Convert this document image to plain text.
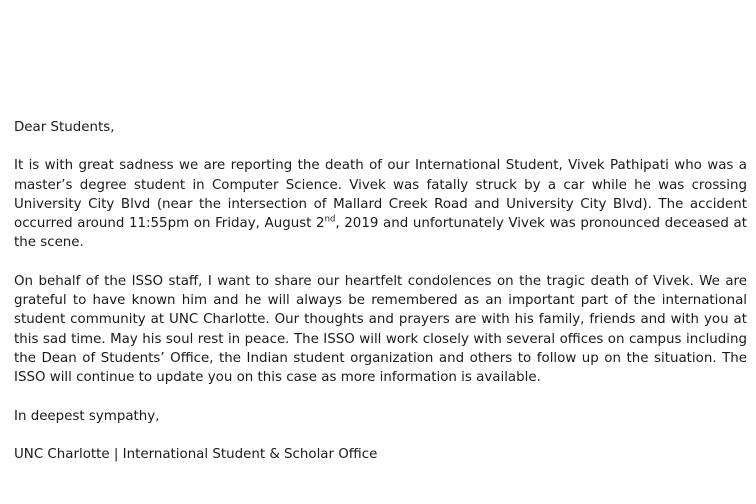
Dear Students,

It is with great sadness we are reporting the death of our International Student, Vivek Pathipati who was a master’s degree student in Computer Science. Vivek was fatally struck by a car while he was crossing University City Blvd (near the intersection of Mallard Creek Road and University City Blvd). The accident occurred around 11:55pm on Friday, August 2nd, 2019 and unfortunately Vivek was pronounced deceased at the scene.

On behalf of the ISSO staff, I want to share our heartfelt condolences on the tragic death of Vivek. We are grateful to have known him and he will always be remembered as an important part of the international student community at UNC Charlotte. Our thoughts and prayers are with his family, friends and with you at this sad time. May his soul rest in peace. The ISSO will work closely with several offices on campus including the Dean of Students’ Office, the Indian student organization and others to follow up on the situation. The ISSO will continue to update you on this case as more information is available.

In deepest sympathy,

UNC Charlotte | International Student & Scholar Office
